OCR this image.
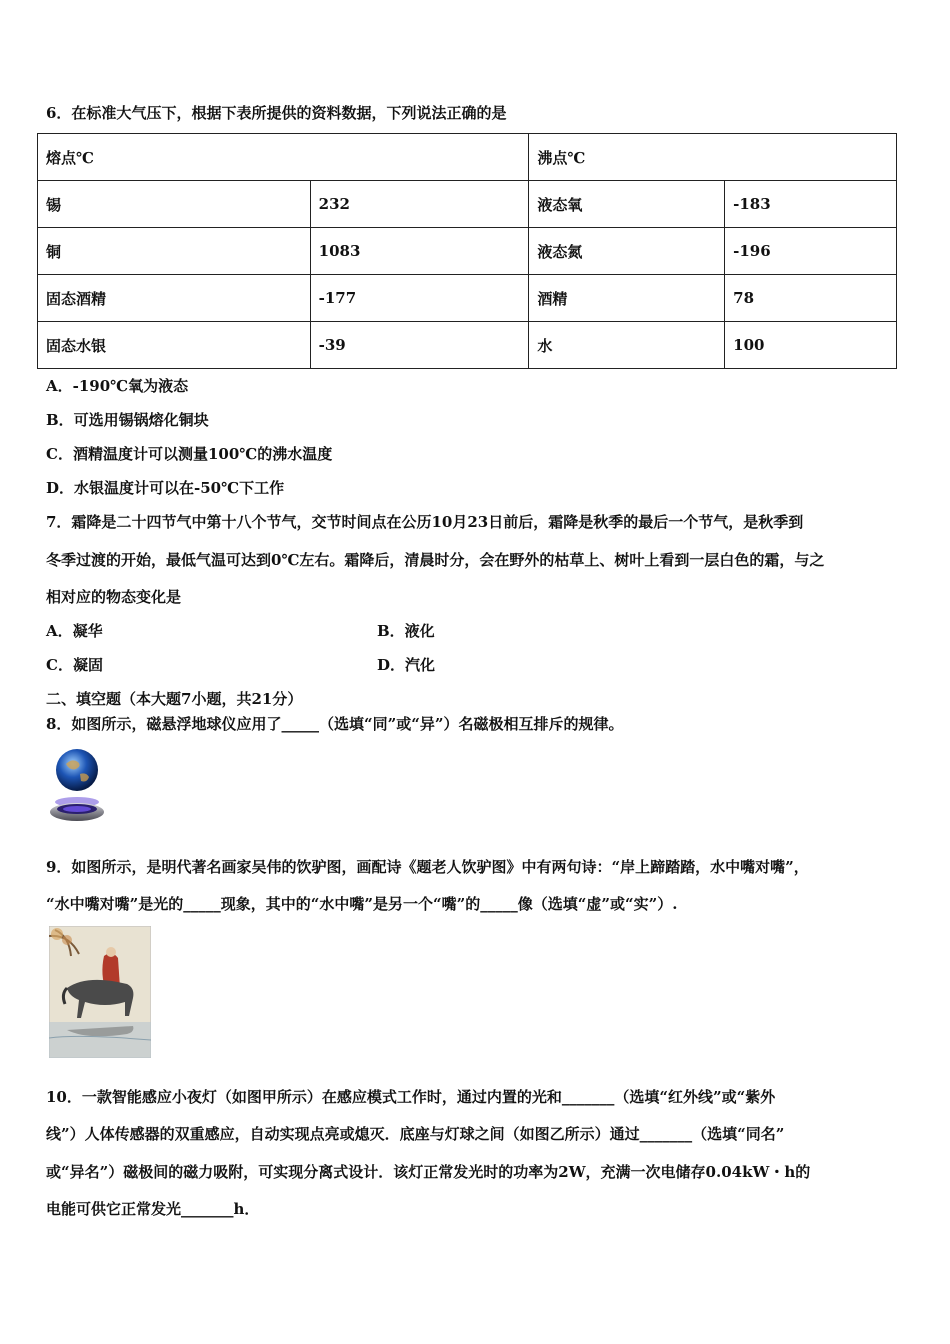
6．在标准大气压下，根据下表所提供的资料数据，下列说法正确的是
熔点℃		沸点℃	
锡	232	液态氧	-183
铜	1083	液态氮	-196
固态酒精	-177	酒精	78
固态水银	-39	水	100
A．-190℃氧为液态
B．可选用锡锅熔化铜块
C．酒精温度计可以测量100℃的沸水温度
D．水银温度计可以在-50℃下工作
7．霜降是二十四节气中第十八个节气，交节时间点在公历10月23日前后，霜降是秋季的最后一个节气，是秋季到
冬季过渡的开始，最低气温可达到0℃左右。霜降后，清晨时分，会在野外的枯草上、树叶上看到一层白色的霜，与之
相对应的物态变化是
A．凝华	B．液化
C．凝固	D．汽化
二、填空题（本大题7小题，共21分）
8．如图所示，磁悬浮地球仪应用了_____（选填“同”或“异”）名磁极相互排斥的规律。
9．如图所示，是明代著名画家吴伟的饮驴图，画配诗《题老人饮驴图》中有两句诗：“岸上蹄踏踏，水中嘴对嘴”，
“水中嘴对嘴”是光的_____现象，其中的“水中嘴”是另一个“嘴”的_____像（选填“虚”或“实”）.
10．一款智能感应小夜灯（如图甲所示）在感应模式工作时，通过内置的光和_______（选填“红外线”或“紫外
线”）人体传感器的双重感应，自动实现点亮或熄灭．底座与灯球之间（如图乙所示）通过_______（选填“同名”
或“异名”）磁极间的磁力吸附，可实现分离式设计．该灯正常发光时的功率为2W，充满一次电储存0.04kW・h的
电能可供它正常发光_______h．
